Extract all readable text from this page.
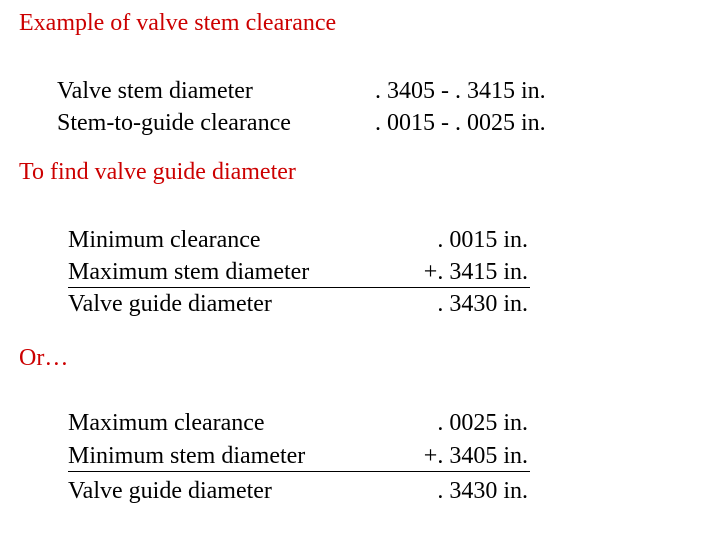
Example of valve stem clearance
Valve stem diameter	. 3405 - . 3415 in.
Stem-to-guide clearance	. 0015 - . 0025 in.
To find valve guide diameter
Minimum clearance	. 0015 in.
Maximum stem diameter	+. 3415 in.
Valve guide diameter	. 3430 in.
Or…
Maximum clearance	. 0025 in.
Minimum stem diameter	+. 3405 in.
Valve guide diameter	. 3430 in.
